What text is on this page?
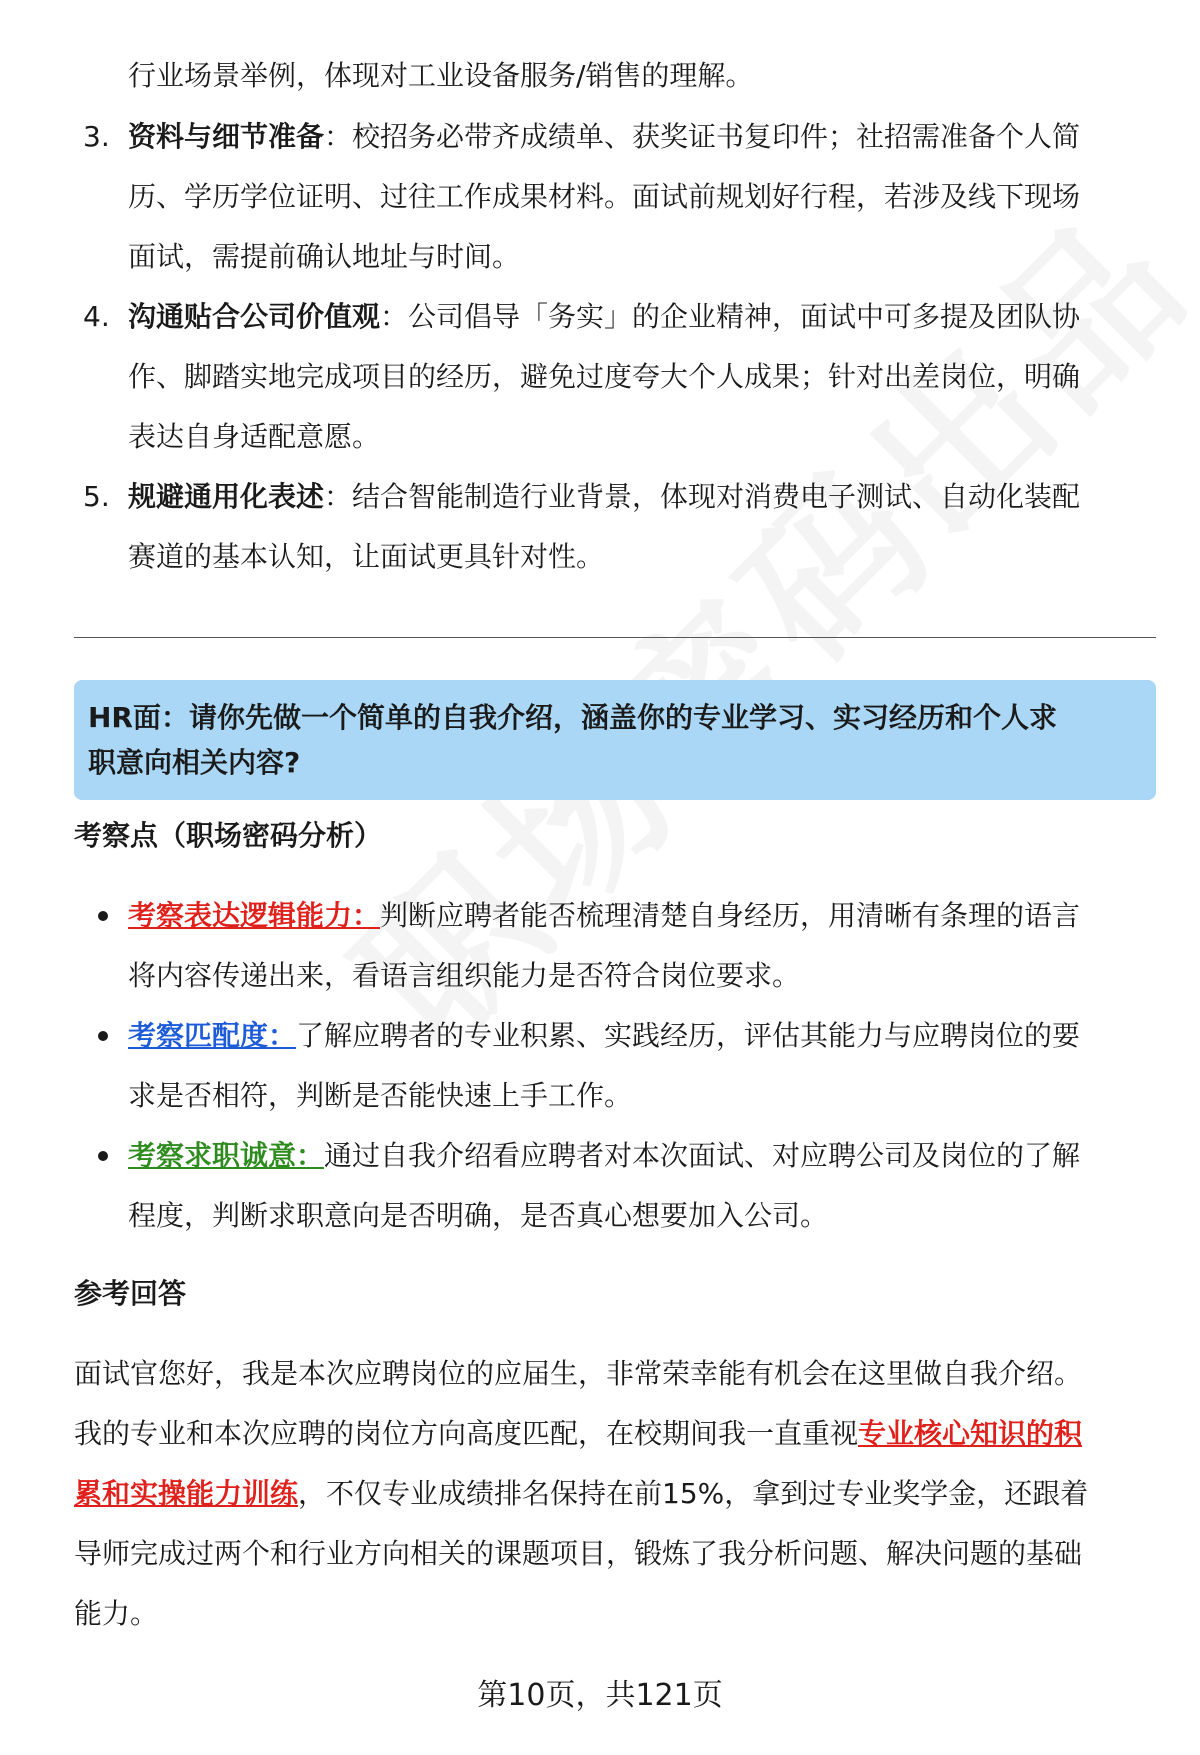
行业场景举例，体现对工业设备服务/销售的理解。
3. 资料与细节准备：校招务必带齐成绩单、获奖证书复印件；社招需准备个人简
历、学历学位证明、过往工作成果材料。面试前规划好行程，若涉及线下现场
面试，需提前确认地址与时间。
4. 沟通贴合公司价值观：公司倡导「务实」的企业精神，面试中可多提及团队协
作、脚踏实地完成项目的经历，避免过度夸大个人成果；针对出差岗位，明确
表达自身适配意愿。
5. 规避通用化表述：结合智能制造行业背景，体现对消费电子测试、自动化装配
赛道的基本认知，让面试更具针对性。
HR面：请你先做一个简单的自我介绍，涵盖你的专业学习、实习经历和个人求
职意向相关内容?
考察点（职场密码分析）
考察表达逻辑能力：判断应聘者能否梳理清楚自身经历，用清晰有条理的语言
将内容传递出来，看语言组织能力是否符合岗位要求。
考察匹配度：了解应聘者的专业积累、实践经历，评估其能力与应聘岗位的要
求是否相符，判断是否能快速上手工作。
考察求职诚意：通过自我介绍看应聘者对本次面试、对应聘公司及岗位的了解
程度，判断求职意向是否明确，是否真心想要加入公司。
参考回答
面试官您好，我是本次应聘岗位的应届生，非常荣幸能有机会在这里做自我介绍。
我的专业和本次应聘的岗位方向高度匹配，在校期间我一直重视专业核心知识的积
累和实操能力训练，不仅专业成绩排名保持在前15%，拿到过专业奖学金，还跟着
导师完成过两个和行业方向相关的课题项目，锻炼了我分析问题、解决问题的基础
能力。
第10页，共121页
